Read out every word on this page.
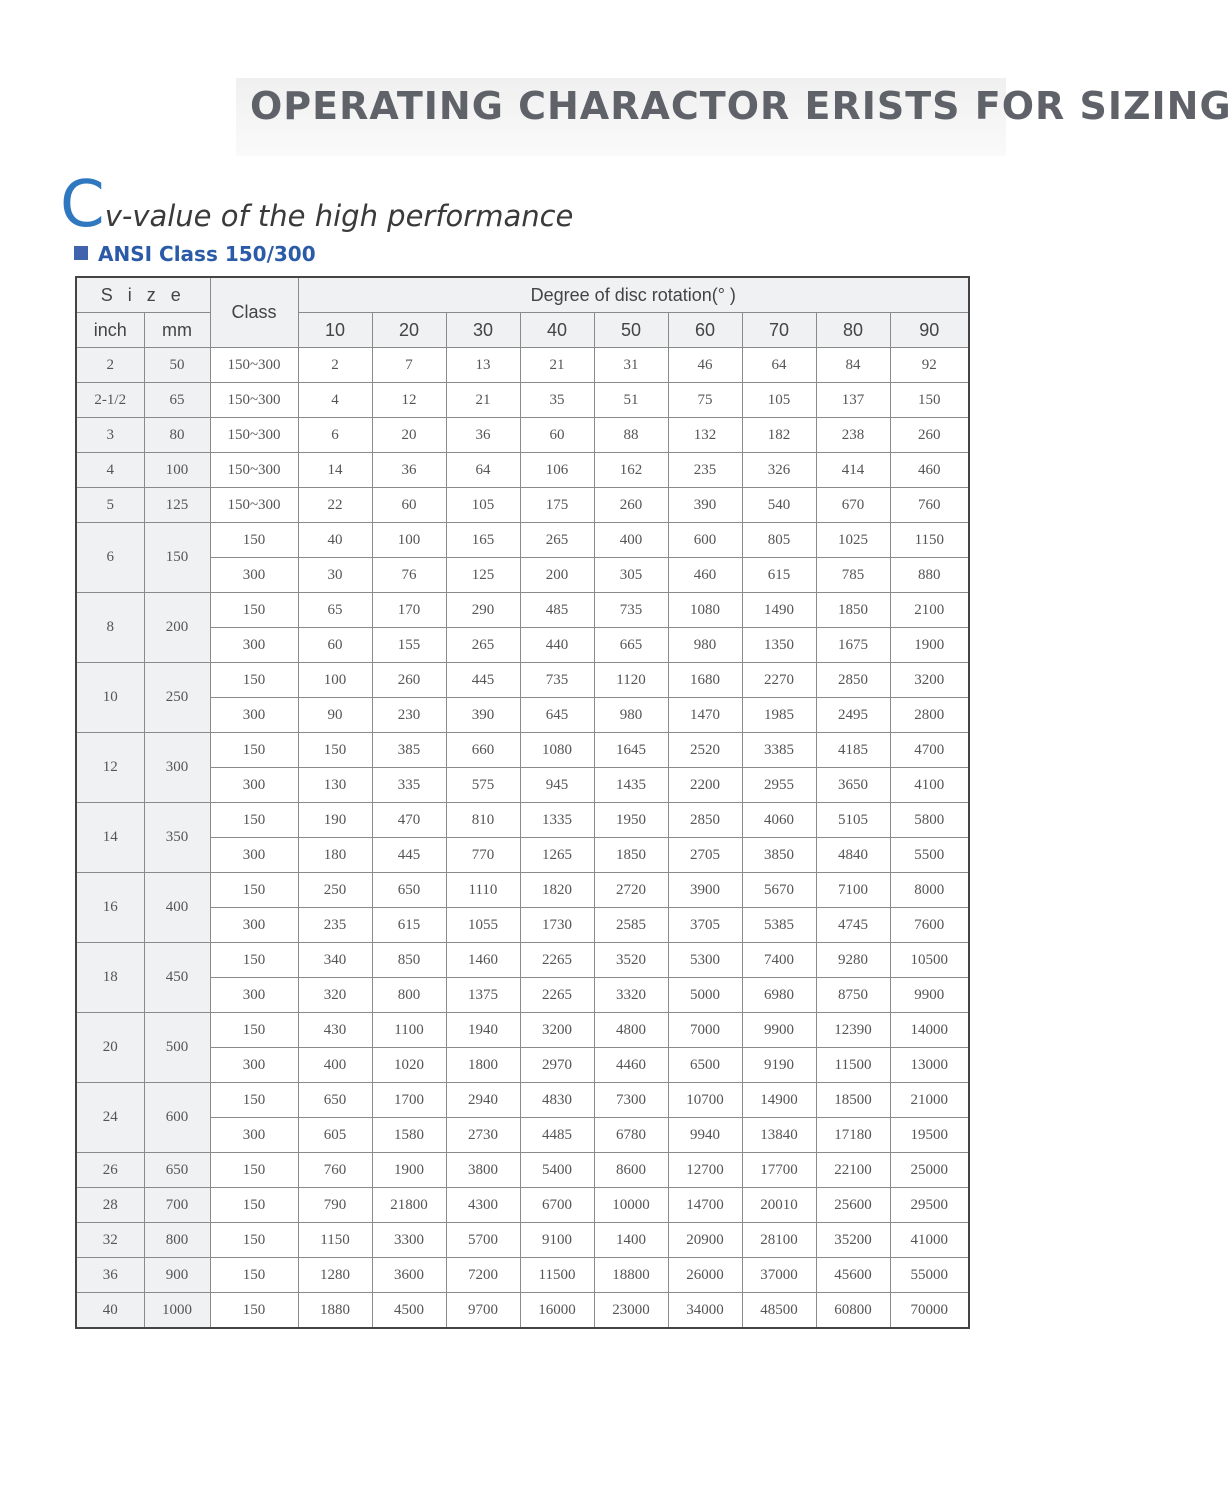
OPERATING CHARACTOR ERISTS FOR SIZING
Cv-value of the high performance
ANSI Class 150/300
S i z e		Class	Degree of disc rotation(° )								
inch	mm		10	20	30	40	50	60	70	80	90
2	50	150~300	2	7	13	21	31	46	64	84	92
2-1/2	65	150~300	4	12	21	35	51	75	105	137	150
3	80	150~300	6	20	36	60	88	132	182	238	260
4	100	150~300	14	36	64	106	162	235	326	414	460
5	125	150~300	22	60	105	175	260	390	540	670	760
6	150	150	40	100	165	265	400	600	805	1025	1150
		300	30	76	125	200	305	460	615	785	880
8	200	150	65	170	290	485	735	1080	1490	1850	2100
		300	60	155	265	440	665	980	1350	1675	1900
10	250	150	100	260	445	735	1120	1680	2270	2850	3200
		300	90	230	390	645	980	1470	1985	2495	2800
12	300	150	150	385	660	1080	1645	2520	3385	4185	4700
		300	130	335	575	945	1435	2200	2955	3650	4100
14	350	150	190	470	810	1335	1950	2850	4060	5105	5800
		300	180	445	770	1265	1850	2705	3850	4840	5500
16	400	150	250	650	1110	1820	2720	3900	5670	7100	8000
		300	235	615	1055	1730	2585	3705	5385	4745	7600
18	450	150	340	850	1460	2265	3520	5300	7400	9280	10500
		300	320	800	1375	2265	3320	5000	6980	8750	9900
20	500	150	430	1100	1940	3200	4800	7000	9900	12390	14000
		300	400	1020	1800	2970	4460	6500	9190	11500	13000
24	600	150	650	1700	2940	4830	7300	10700	14900	18500	21000
		300	605	1580	2730	4485	6780	9940	13840	17180	19500
26	650	150	760	1900	3800	5400	8600	12700	17700	22100	25000
28	700	150	790	21800	4300	6700	10000	14700	20010	25600	29500
32	800	150	1150	3300	5700	9100	1400	20900	28100	35200	41000
36	900	150	1280	3600	7200	11500	18800	26000	37000	45600	55000
40	1000	150	1880	4500	9700	16000	23000	34000	48500	60800	70000
